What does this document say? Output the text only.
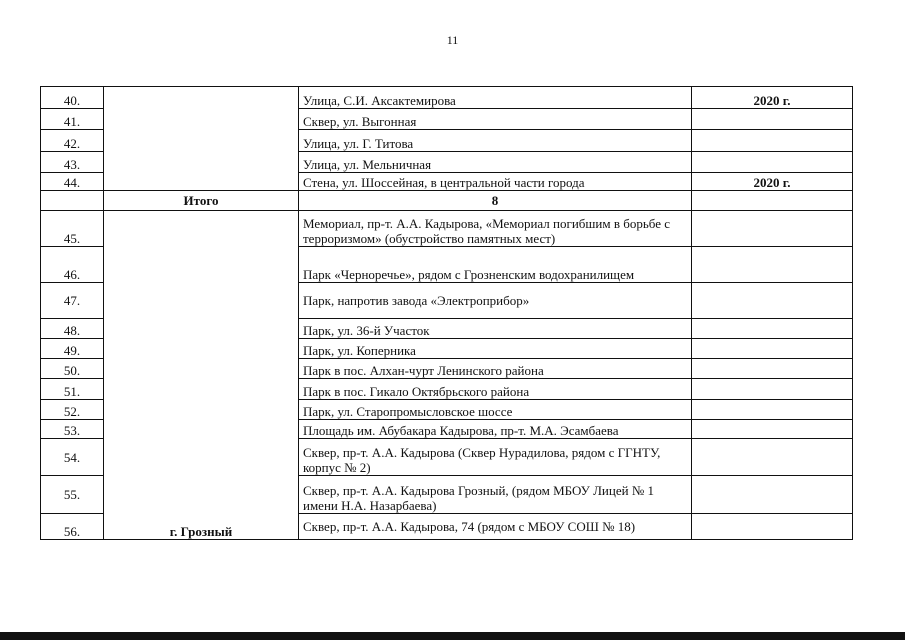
11
40.		Улица, С.И. Аксактемирова	2020 г.
41.		Сквер, ул. Выгонная	
42.		Улица, ул. Г. Титова	
43.		Улица, ул. Мельничная	
44.		Стена, ул. Шоссейная, в центральной части города	2020 г.
	Итого	8	
45.	г. Грозный	Мемориал, пр-т. А.А. Кадырова, «Мемориал погибшим в борьбе с терроризмом» (обустройство памятных мест)	
46.		Парк «Черноречье», рядом с Грозненским водохранилищем	
47.		Парк, напротив завода «Электроприбор»	
48.		Парк, ул. 36-й Участок	
49.		Парк, ул. Коперника	
50.		Парк в пос. Алхан-чурт Ленинского района	
51.		Парк в пос. Гикало Октябрьского района	
52.		Парк, ул. Старопромысловское шоссе	
53.		Площадь им. Абубакара Кадырова, пр-т. М.А. Эсамбаева	
54.		Сквер, пр-т. А.А. Кадырова (Сквер Нурадилова, рядом с ГГНТУ, корпус № 2)	
55.		Сквер, пр-т. А.А. Кадырова Грозный, (рядом МБОУ Лицей № 1 имени Н.А. Назарбаева)	
56.		Сквер, пр-т. А.А. Кадырова, 74 (рядом с МБОУ СОШ № 18)	
